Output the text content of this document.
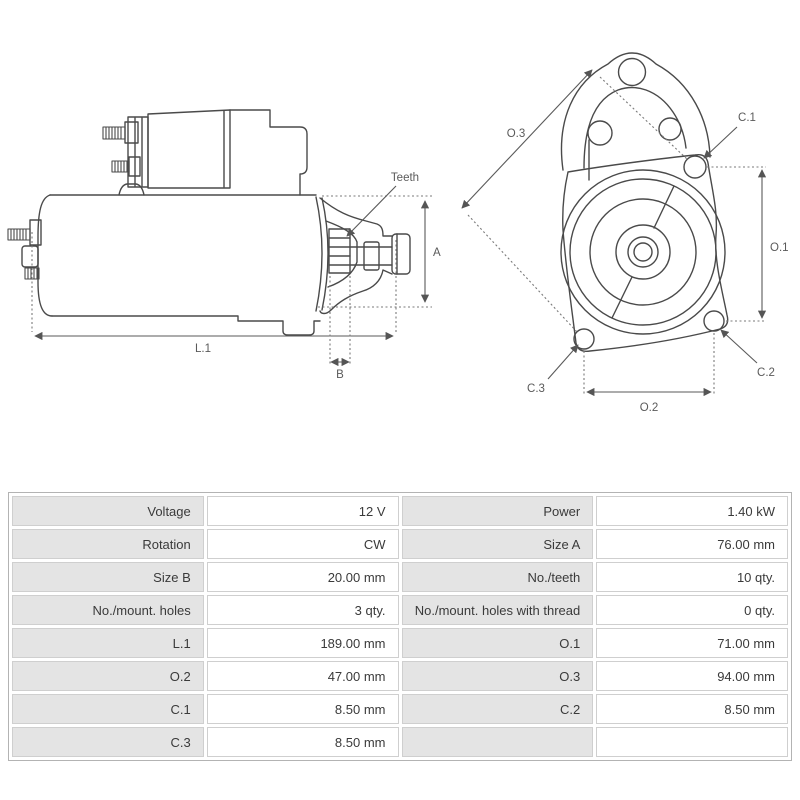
Teeth
A
L.1
B
O.3
C.1
O.1
C.2
C.3
O.2
Voltage	12 V	Power	1.40 kW
Rotation	CW	Size A	76.00 mm
Size B	20.00 mm	No./teeth	10 qty.
No./mount. holes	3 qty.	No./mount. holes with thread	0 qty.
L.1	189.00 mm	O.1	71.00 mm
O.2	47.00 mm	O.3	94.00 mm
C.1	8.50 mm	C.2	8.50 mm
C.3	8.50 mm		
